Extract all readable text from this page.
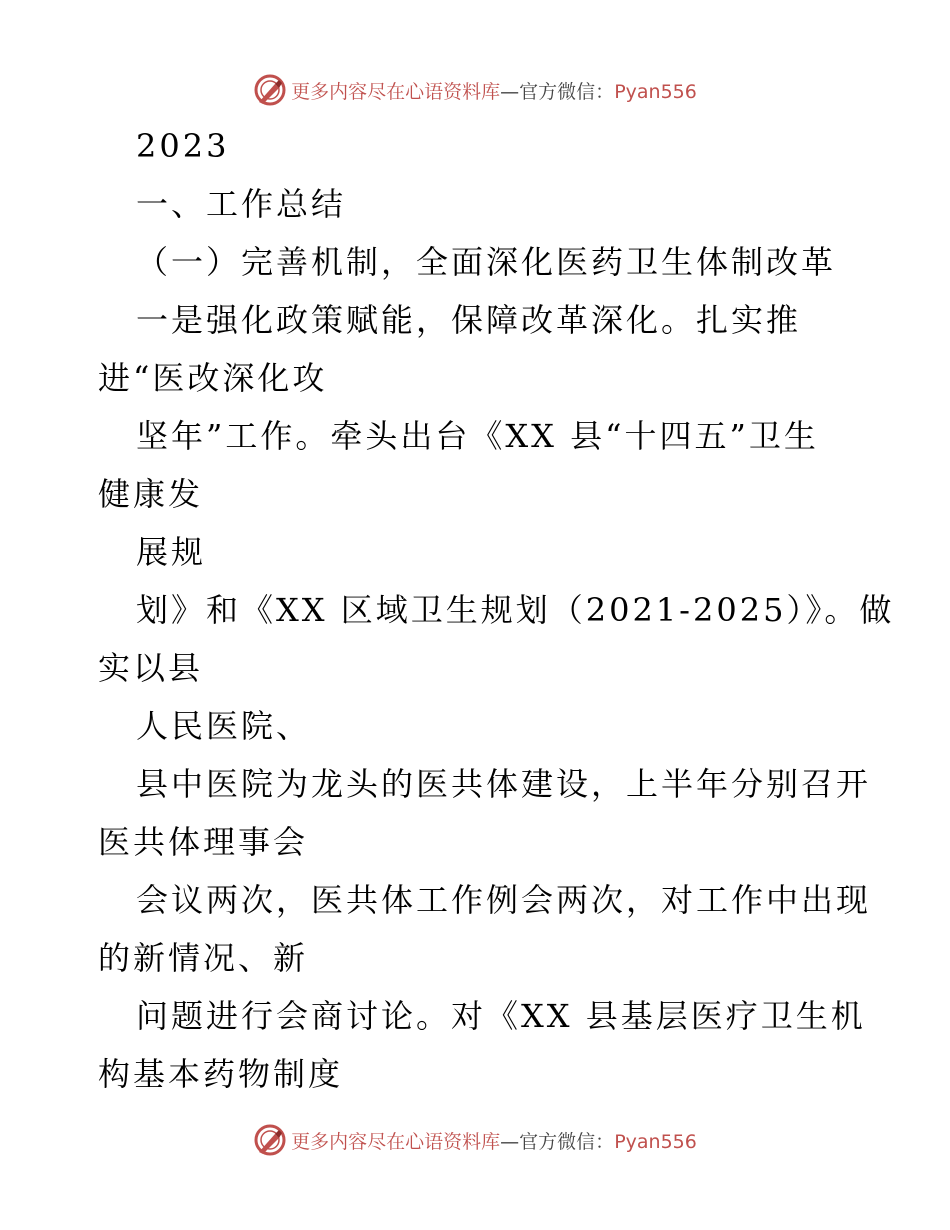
更多内容尽在心语资料库—官方微信：Pyan556
2023
一、工作总结
（一）完善机制，全面深化医药卫生体制改革
一是强化政策赋能，保障改革深化。扎实推
进“医改深化攻
坚年”工作。牵头出台《XX 县“十四五”卫生
健康发
展规
划》和《XX 区域卫生规划（2021-2025）》。做
实以县
人民医院、
县中医院为龙头的医共体建设，上半年分别召开
医共体理事会
会议两次，医共体工作例会两次，对工作中出现
的新情况、新
问题进行会商讨论。对《XX 县基层医疗卫生机
构基本药物制度
更多内容尽在心语资料库—官方微信：Pyan556
